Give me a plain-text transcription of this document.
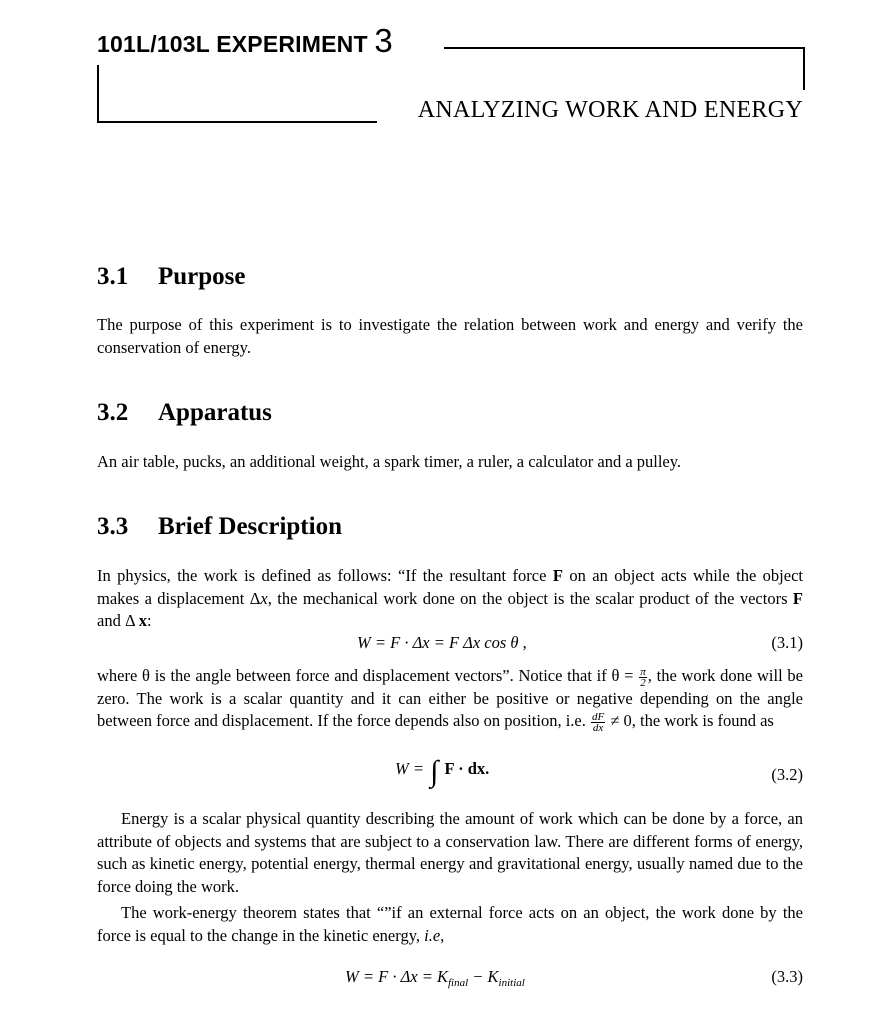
101L/103L EXPERIMENT 3
ANALYZING WORK AND ENERGY
3.1 Purpose

The purpose of this experiment is to investigate the relation between work and energy and verify the conservation of energy.

3.2 Apparatus

An air table, pucks, an additional weight, a spark timer, a ruler, a calculator and a pulley.

3.3 Brief Description

In physics, the work is defined as follows: “If the resultant force F on an object acts while the object makes a displacement Δx, the mechanical work done on the object is the scalar product of the vectors F and Δ x:

W = F · Δx = F Δx cos θ ,	(3.1)

where θ is the angle between force and displacement vectors”. Notice that if $\theta = \frac{\pi}{2}$ , the work done will be zero. The work is a scalar quantity and it can either be positive or negative depending on the angle between force and displacement. If the force depends also on position, i.e. $\frac{dF}{dx} \ne 0$, the work is found as

W = ∫ F · dx.	(3.2)

Energy is a scalar physical quantity describing the amount of work which can be done by a force, an attribute of objects and systems that are subject to a conservation law. There are different forms of energy, such as kinetic energy, potential energy, thermal energy and gravitational energy, usually named due to the force doing the work.

The work-energy theorem states that “”if an external force acts on an object, the work done by the force is equal to the change in the kinetic energy, i.e,

$W = F \cdot \Delta x = K_{final} - K_{initial}$	(3.3)
